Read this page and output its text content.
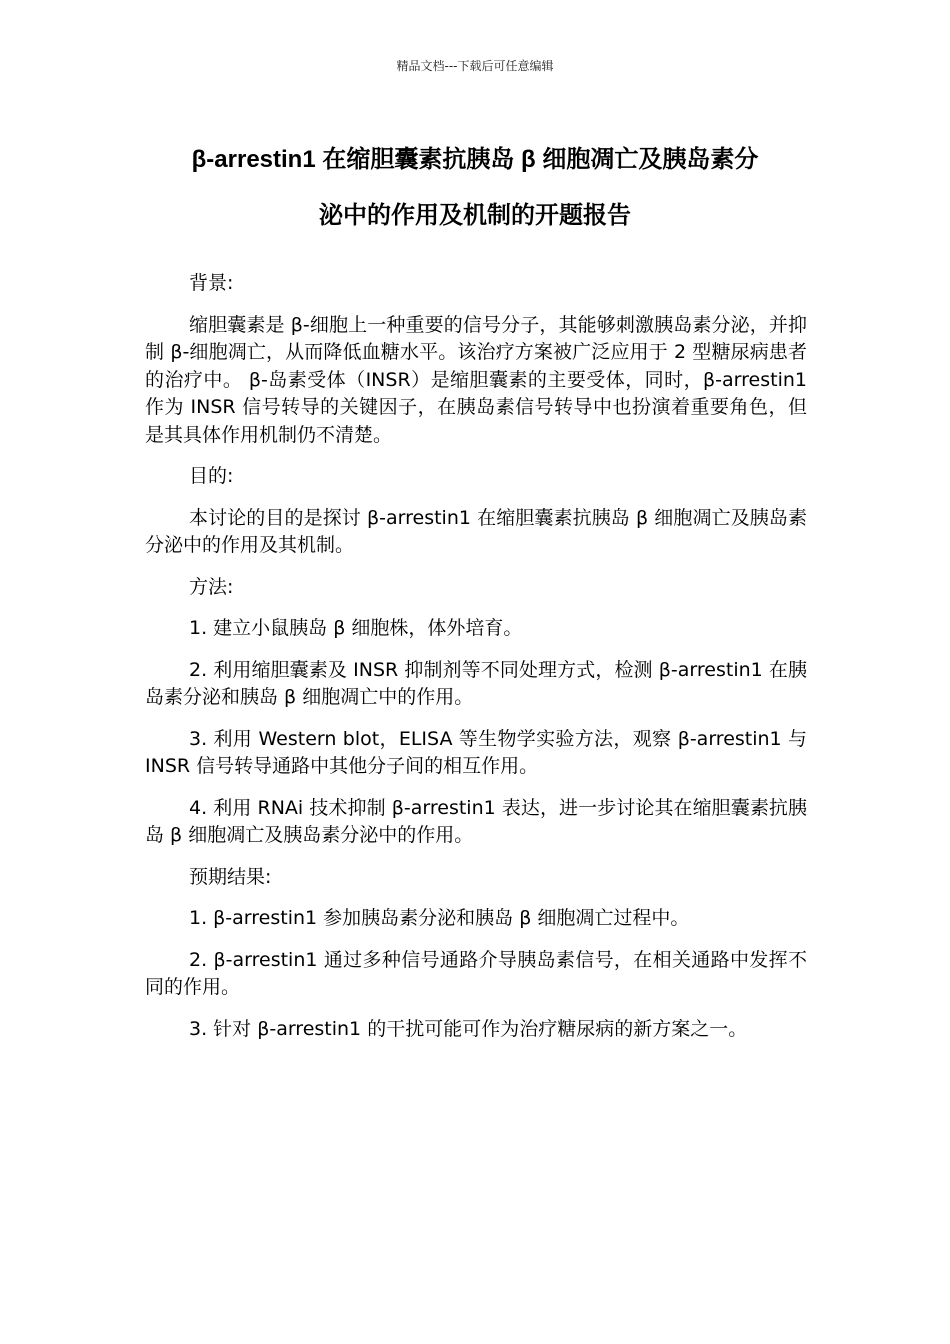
精品文档---下载后可任意编辑
β-arrestin1 在缩胆囊素抗胰岛 β 细胞凋亡及胰岛素分
泌中的作用及机制的开题报告

背景:

缩胆囊素是 β-细胞上一种重要的信号分子，其能够刺激胰岛素分泌，并抑制 β-细胞凋亡，从而降低血糖水平。该治疗方案被广泛应用于 2 型糖尿病患者的治疗中。 β-岛素受体（INSR）是缩胆囊素的主要受体，同时，β-arrestin1 作为 INSR 信号转导的关键因子，在胰岛素信号转导中也扮演着重要角色，但是其具体作用机制仍不清楚。

目的:

本讨论的目的是探讨 β-arrestin1 在缩胆囊素抗胰岛 β 细胞凋亡及胰岛素分泌中的作用及其机制。

方法:

1. 建立小鼠胰岛 β 细胞株，体外培育。

2. 利用缩胆囊素及 INSR 抑制剂等不同处理方式，检测 β-arrestin1 在胰岛素分泌和胰岛 β 细胞凋亡中的作用。

3. 利用 Western blot，ELISA 等生物学实验方法，观察 β-arrestin1 与 INSR 信号转导通路中其他分子间的相互作用。

4. 利用 RNAi 技术抑制 β-arrestin1 表达，进一步讨论其在缩胆囊素抗胰岛 β 细胞凋亡及胰岛素分泌中的作用。

预期结果:

1. β-arrestin1 参加胰岛素分泌和胰岛 β 细胞凋亡过程中。

2. β-arrestin1 通过多种信号通路介导胰岛素信号，在相关通路中发挥不同的作用。

3. 针对 β-arrestin1 的干扰可能可作为治疗糖尿病的新方案之一。
